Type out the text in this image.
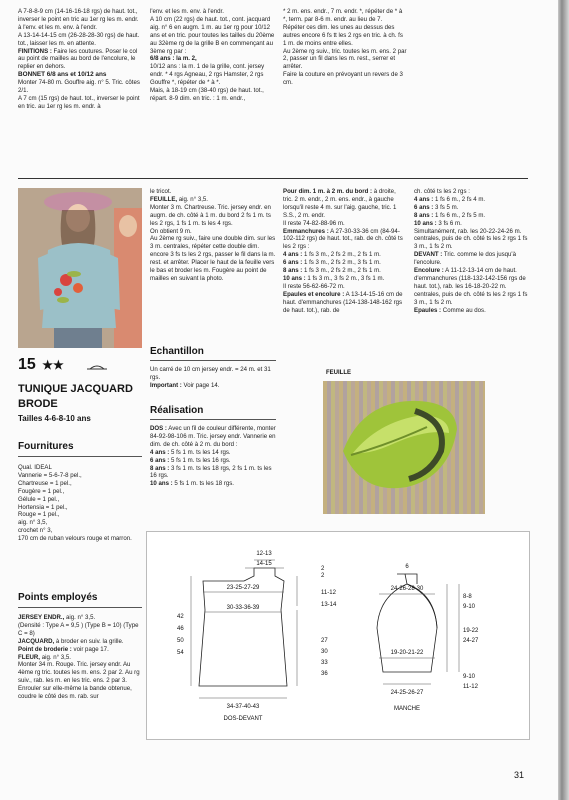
A 7-8-8-9 cm (14-16-16-18 rgs) de haut. tot., inverser le point en tric au 1er rg les m. endr. à l'env. et les m. env. à l'endr.

A 13-14-14-15 cm (26-28-28-30 rgs) de haut. tot., laisser les m. en attente.

FINITIONS : Faire les coutures. Poser le col au point de mailles au bord de l'encolure, le replier en dehors.

BONNET 6/8 ans et 10/12 ans

Monter 74-80 m. Gouffre aig. n° 5. Tric. côtes 2/1.

A 7 cm (15 rgs) de haut. tot., inverser le point en tric. au 1er rg les m. endr. à

l'env. et les m. env. à l'endr.

A 10 cm (22 rgs) de haut. tot., cont. jacquard aig. n° 6 en augm. 1 m. au 1er rg pour 10/12 ans et en tric. pour toutes les tailles du 20ème au 32ème rg de la grille B en commençant au 3ème rg par :

6/8 ans : la m. 2,

10/12 ans : la m. 1 de la grille, cont. jersey endr. * 4 rgs Agneau, 2 rgs Hamster, 2 rgs Gouffre *, répéter de * à *.

Mais, à 18-19 cm (38-40 rgs) de haut. tot., répart. 8-9 dim. en tric. : 1 m. endr.,

* 2 m. ens. endr., 7 m. endr. *, répéter de * à *, term. par 8-6 m. endr. au lieu de 7.

Répéter ces dim. les unes au dessus des autres encore 6 fs tt les 2 rgs en tric. à ch. fs 1 m. de moins entre elles.

Au 2ème rg suiv., tric. toutes les m. ens. 2 par 2, passer un fil dans les m. rest., serrer et arrêter.

Faire la couture en prévoyant un revers de 3 cm.

15 ★★
TUNIQUE JACQUARD
BRODE
Tailles 4-6-8-10 ans
Fournitures

Qual. IDEAL

Vannerie = 5-6-7-8 pel.,

Chartreuse = 1 pel.,

Fougère = 1 pel.,

Gélule = 1 pel.,

Hortensia = 1 pel.,

Rouge = 1 pel.,

aig. n° 3,5,

crochet n° 3,

170 cm de ruban velours rouge et marron.

Points employés

JERSEY ENDR., aig. n° 3,5.

(Densité : Type A = 9,5 ) (Type B = 10) (Type C = 8)

JACQUARD, à broder en suiv. la grille.

Point de broderie : voir page 17.

FLEUR, aig. n° 3,5.

Monter 34 m. Rouge. Tric. jersey endr. Au 4ème rg tric. toutes les m. ens. 2 par 2. Au rg suiv., rab. les m. en les tric. ens. 2 par 3.

Enrouler sur elle-même la bande obtenue, coudre le côté des m. rab. sur

le tricot.

FEUILLE, aig. n° 3,5.

Monter 3 m. Chartreuse. Tric. jersey endr. en augm. de ch. côté à 1 m. du bord 2 fs 1 m. ts les 2 rgs, 1 fs 1 m. ts les 4 rgs.

On obtient 9 m.

Au 2ème rg suiv., faire une double dim. sur les 3 m. centrales, répéter cette double dim. encore 3 fs ts les 2 rgs, passer le fil dans la m. rest. et arrêter. Placer le haut de la feuille vers le bas et broder les m. Fougère au point de mailles en suivant la photo.

Echantillon

Un carré de 10 cm jersey endr. = 24 m. et 31 rgs.

Important : Voir page 14.

Réalisation

DOS : Avec un fil de couleur différente, monter 84-92-98-106 m. Tric. jersey endr. Vannerie en dim. de ch. côté à 2 m. du bord :

4 ans : 5 fs 1 m. ts les 14 rgs.

6 ans : 5 fs 1 m. ts les 16 rgs.

8 ans : 3 fs 1 m. ts les 18 rgs, 2 fs 1 m. ts les 16 rgs.

10 ans : 5 fs 1 m. ts les 18 rgs.

Pour dim. 1 m. à 2 m. du bord : à droite, tric. 2 m. endr., 2 m. ens. endr., à gauche lorsqu'il reste 4 m. sur l'aig. gauche, tric. 1 S.S., 2 m. endr.

Il reste 74-82-88-96 m.

Emmanchures : A 27-30-33-36 cm (84-94-102-112 rgs) de haut. tot., rab. de ch. côté ts les 2 rgs :

4 ans : 1 fs 3 m., 2 fs 2 m., 2 fs 1 m.

6 ans : 1 fs 3 m., 2 fs 2 m., 3 fs 1 m.

8 ans : 1 fs 3 m., 2 fs 2 m., 2 fs 1 m.

10 ans : 1 fs 3 m., 3 fs 2 m., 3 fs 1 m.

Il reste 56-62-66-72 m.

Epaules et encolure : A 13-14-15-16 cm de haut. d'emmanchures (124-138-148-162 rgs de haut. tot.), rab. de

ch. côté ts les 2 rgs :

4 ans : 1 fs 6 m., 2 fs 4 m.

6 ans : 3 fs 5 m.

8 ans : 1 fs 6 m., 2 fs 5 m.

10 ans : 3 fs 6 m.

Simultanément, rab. les 20-22-24-26 m. centrales, puis de ch. côté ts les 2 rgs 1 fs 3 m., 1 fs 2 m.

DEVANT : Tric. comme le dos jusqu'à l'encolure.

Encolure : A 11-12-13-14 cm de haut. d'emmanchures (118-132-142-156 rgs de haut. tot.), rab. les 16-18-20-22 m. centrales, puis de ch. côté ts les 2 rgs 1 fs 3 m., 1 fs 2 m.

Epaules : Comme au dos.

FEUILLE
12-13
14-15
23-25-27-29
30-33-36-39
34-37-40-43
DOS-DEVANT
2
2
11-12
13-14
42
46
50
54
27
30
33
36
6
24-26-28-30
19-20-21-22
24-25-26-27
MANCHE
8-8
9-10
19-22
24-27
9-10
11-12
31
